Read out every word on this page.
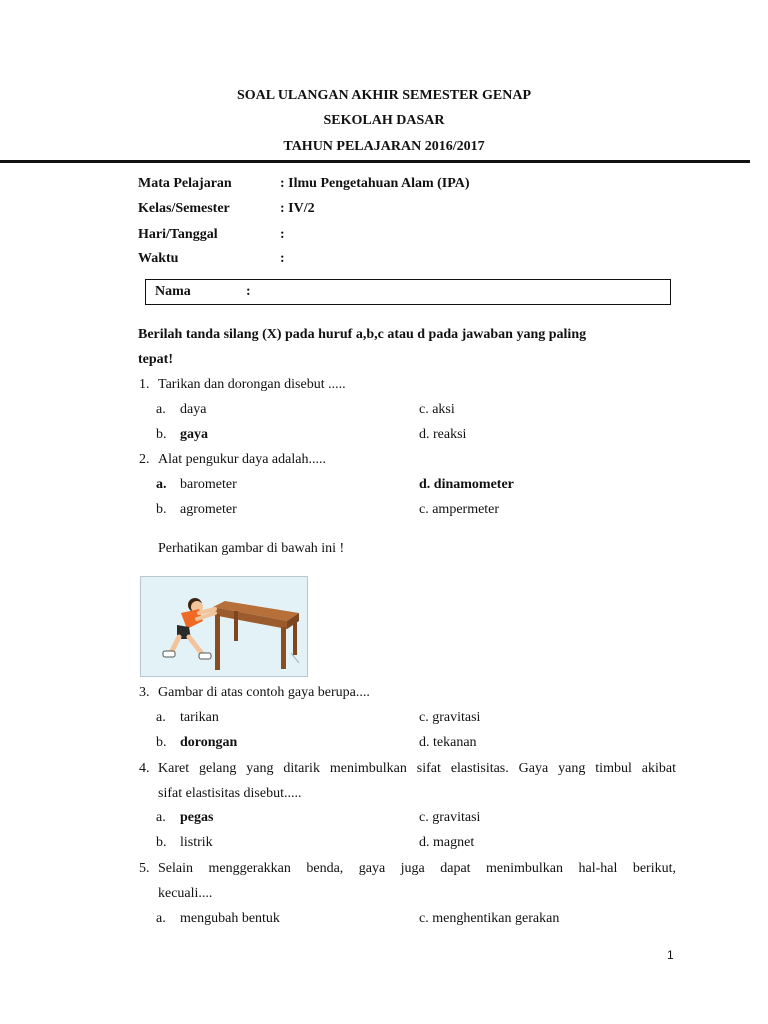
SOAL ULANGAN AKHIR SEMESTER GENAP
SEKOLAH DASAR
TAHUN PELAJARAN 2016/2017
Mata Pelajaran	: Ilmu Pengetahuan Alam (IPA)
Kelas/Semester	: IV/2
Hari/Tanggal	:
Waktu	:
Nama	:
Berilah tanda silang (X) pada huruf a,b,c atau d pada jawaban yang paling
tepat!
1. Tarikan dan dorongan disebut .....
a. daya	c. aksi
b. gaya	d. reaksi
2. Alat pengukur daya adalah.....
a. barometer	d. dinamometer
b. agrometer	c. ampermeter
Perhatikan gambar di bawah ini !
3. Gambar di atas contoh gaya berupa....
a. tarikan	c. gravitasi
b. dorongan	d. tekanan
4. Karet gelang yang ditarik menimbulkan sifat elastisitas. Gaya yang timbul akibat
sifat elastisitas disebut.....
a. pegas	c. gravitasi
b. listrik	d. magnet
5. Selain menggerakkan benda, gaya juga dapat menimbulkan hal-hal berikut,
kecuali....
a. mengubah bentuk	c. menghentikan gerakan
1
